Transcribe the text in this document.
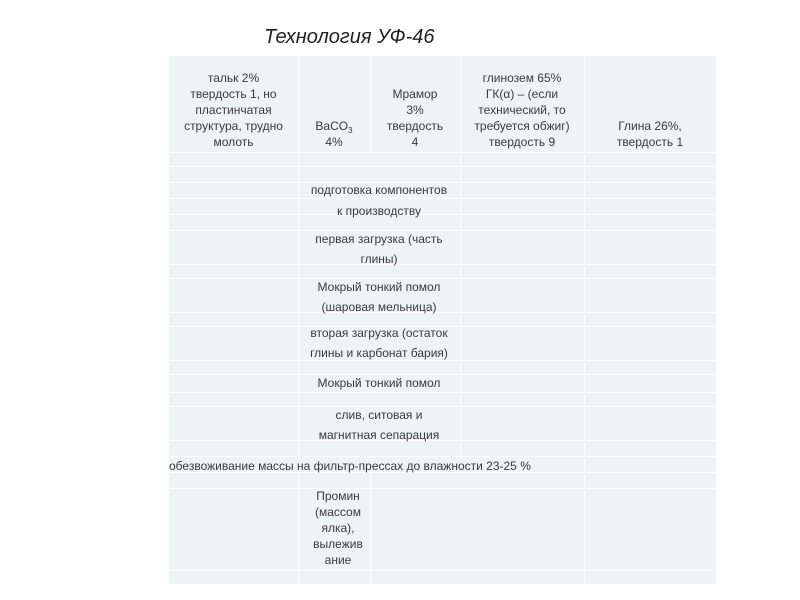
Технология УФ-46
тальк 2%
твердость 1, но
пластинчатая
структура, трудно
молоть
BaCO$_3$
4%
Мрамор
3%
твердость
4
глинозем 65%
ГК(α) – (если
технический, то
требуется обжиг)
твердость 9
Глина 26%,
твердость 1
подготовка компонентов
к производству
первая загрузка (часть
глины)
Мокрый тонкий помол
(шаровая мельница)
вторая загрузка (остаток
глины и карбонат бария)
Мокрый тонкий помол
слив, ситовая и
магнитная сепарация
обезвоживание массы на фильтр-прессах до влажности 23-25 %
Промин
(массом
ялка),
вылежив
ание
